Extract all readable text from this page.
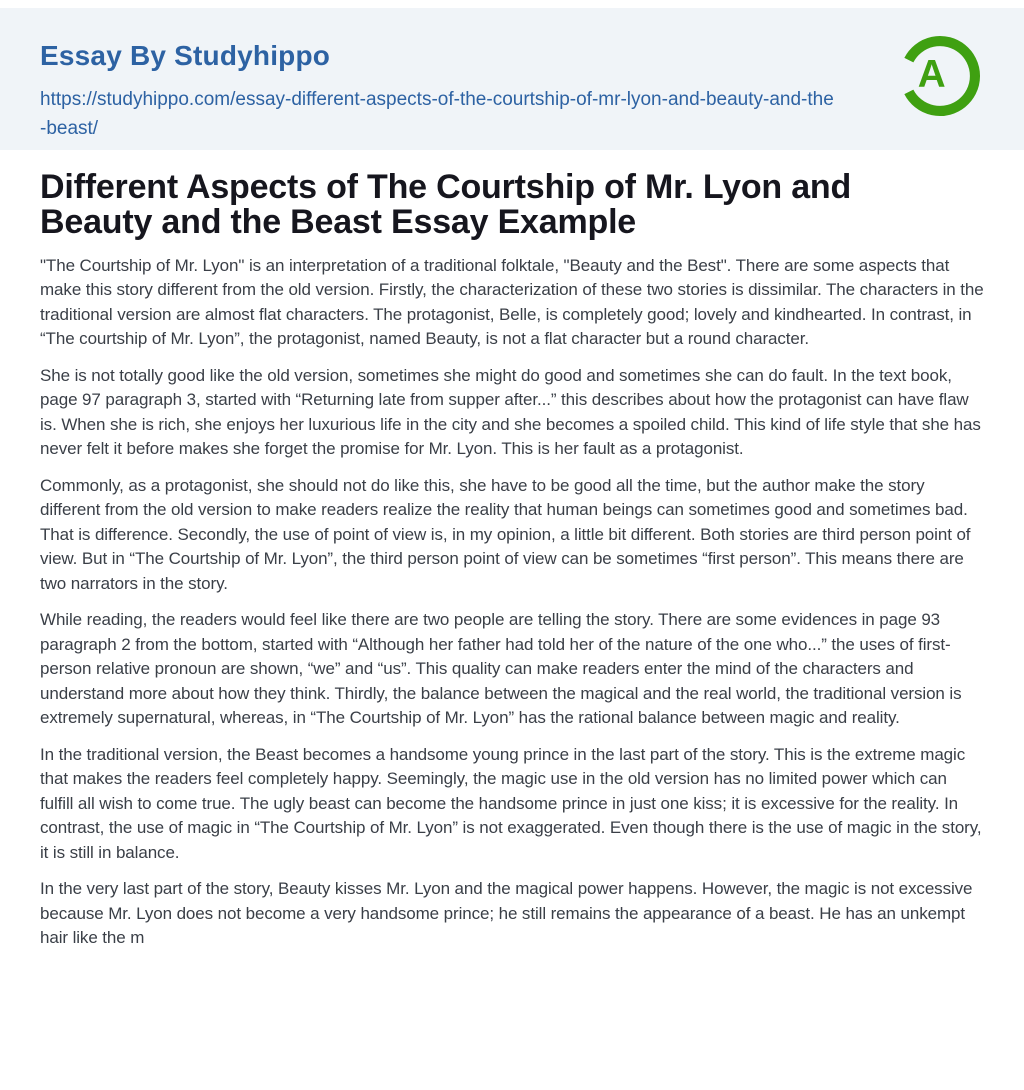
Essay By Studyhippo
https://studyhippo.com/essay-different-aspects-of-the-courtship-of-mr-lyon-and-beauty-and-the-beast/
A
Different Aspects of The Courtship of Mr. Lyon and Beauty and the Beast Essay Example

"The Courtship of Mr. Lyon" is an interpretation of a traditional folktale, "Beauty and the Best". There are some aspects that make this story different from the old version. Firstly, the characterization of these two stories is dissimilar. The characters in the traditional version are almost flat characters. The protagonist, Belle, is completely good; lovely and kindhearted. In contrast, in “The courtship of Mr. Lyon”, the protagonist, named Beauty, is not a flat character but a round character.

She is not totally good like the old version, sometimes she might do good and sometimes she can do fault. In the text book, page 97 paragraph 3, started with “Returning late from supper after...” this describes about how the protagonist can have flaw is. When she is rich, she enjoys her luxurious life in the city and she becomes a spoiled child. This kind of life style that she has never felt it before makes she forget the promise for Mr. Lyon. This is her fault as a protagonist.

Commonly, as a protagonist, she should not do like this, she have to be good all the time, but the author make the story different from the old version to make readers realize the reality that human beings can sometimes good and sometimes bad. That is difference. Secondly, the use of point of view is, in my opinion, a little bit different. Both stories are third person point of view. But in “The Courtship of Mr. Lyon”, the third person point of view can be sometimes “first person”. This means there are two narrators in the story.

While reading, the readers would feel like there are two people are telling the story. There are some evidences in page 93 paragraph 2 from the bottom, started with “Although her father had told her of the nature of the one who...” the uses of first-person relative pronoun are shown, “we” and “us”. This quality can make readers enter the mind of the characters and understand more about how they think. Thirdly, the balance between the magical and the real world, the traditional version is extremely supernatural, whereas, in “The Courtship of Mr. Lyon” has the rational balance between magic and reality.

In the traditional version, the Beast becomes a handsome young prince in the last part of the story. This is the extreme magic that makes the readers feel completely happy. Seemingly, the magic use in the old version has no limited power which can fulfill all wish to come true. The ugly beast can become the handsome prince in just one kiss; it is excessive for the reality. In contrast, the use of magic in “The Courtship of Mr. Lyon” is not exaggerated. Even though there is the use of magic in the story, it is still in balance.

In the very last part of the story, Beauty kisses Mr. Lyon and the magical power happens. However, the magic is not excessive because Mr. Lyon does not become a very handsome prince; he still remains the appearance of a beast. He has an unkempt hair like the m
